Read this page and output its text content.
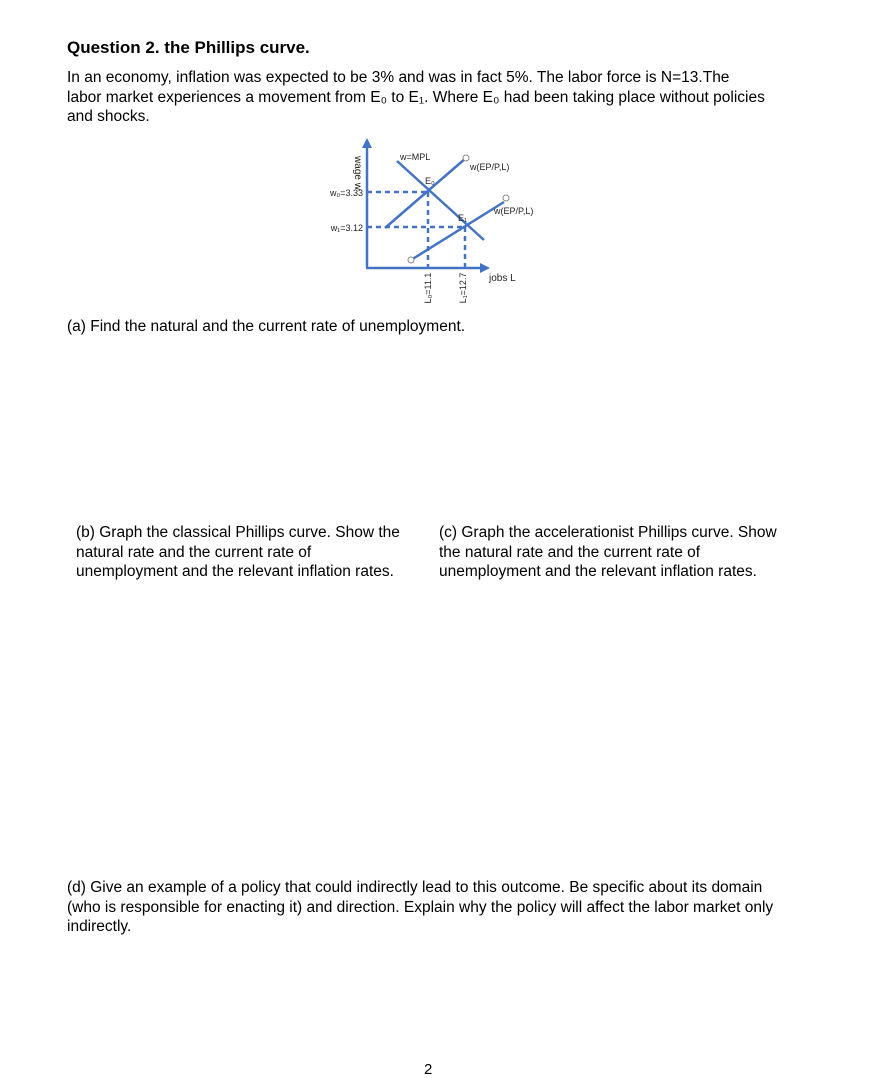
Question 2. the Phillips curve.

In an economy, inflation was expected to be 3% and was in fact 5%. The labor force is N=13.The labor market experiences a movement from E₀ to E₁. Where E₀ had been taking place without policies and shocks.

wage w
jobs L
w=MPL
w(EP/P,L)
w(EP/P,L)
E₀
E₁
w₀=3.33
w₁=3.12
L₀=11.1	L₁=12.7

(a) Find the natural and the current rate of unemployment.

(b) Graph the classical Phillips curve. Show the natural rate and the current rate of unemployment and the relevant inflation rates.

(c) Graph the accelerationist Phillips curve. Show the natural rate and the current rate of unemployment and the relevant inflation rates.

(d) Give an example of a policy that could indirectly lead to this outcome. Be specific about its domain (who is responsible for enacting it) and direction. Explain why the policy will affect the labor market only indirectly.

2
